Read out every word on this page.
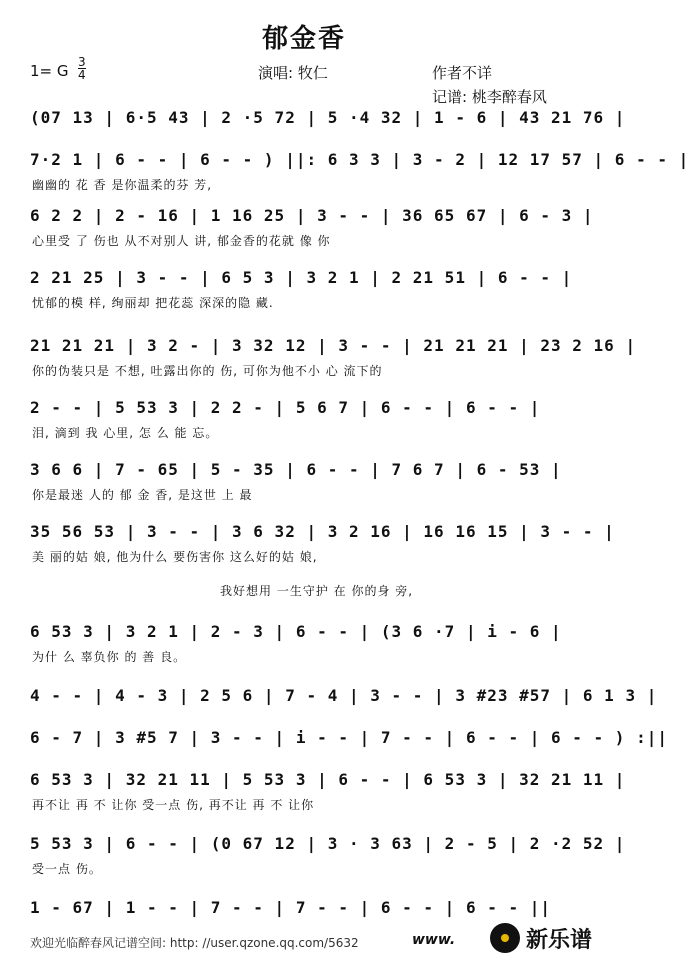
郁金香
1= G 3
4	演唱: 牧仁	作者不详
记谱: 桃李醉春风
(07 13 | 6·5 43 | 2 ·5 72 | 5 ·4 32 | 1 - 6 | 43 21 76 |
7·2 1 | 6 - - | 6 - - ) ||: 6 3 3 | 3 - 2 | 12 17 57 | 6 - - |
幽幽的 花 香 是你温柔的芬 芳,
6 2 2 | 2 - 16 | 1 16 25 | 3 - - | 36 65 67 | 6 - 3 |
心里受 了 伤也 从不对别人 讲, 郁金香的花就 像 你
2 21 25 | 3 - - | 6 5 3 | 3 2 1 | 2 21 51 | 6 - - |
忧郁的模 样, 绚丽却 把花蕊 深深的隐 藏.
21 21 21 | 3 2 - | 3 32 12 | 3 - - | 21 21 21 | 23 2 16 |
你的伪装只是 不想, 吐露出你的 伤, 可你为他不小 心 流下的
2 - - | 5 53 3 | 2 2 - | 5 6 7 | 6 - - | 6 - - |
泪, 滴到 我 心里, 怎 么 能 忘。
3 6 6 | 7 - 65 | 5 - 35 | 6 - - | 7 6 7 | 6 - 53 |
你是最迷 人的 郁 金 香, 是这世 上 最
35 56 53 | 3 - - | 3 6 32 | 3 2 16 | 16 16 15 | 3 - - |
美 丽的姑 娘, 他为什么 要伤害你 这么好的姑 娘,
我好想用 一生守护 在 你的身 旁,
6 53 3 | 3 2 1 | 2 - 3 | 6 - - | (3 6 ·7 | i - 6 |
为什 么 辜负你 的 善 良。
4 - - | 4 - 3 | 2 5 6 | 7 - 4 | 3 - - | 3 #23 #57 | 6 1 3 |
6 - 7 | 3 #5 7 | 3 - - | i - - | 7 - - | 6 - - | 6 - - ) :||
6 53 3 | 32 21 11 | 5 53 3 | 6 - - | 6 53 3 | 32 21 11 |
再不让 再 不 让你 受一点 伤, 再不让 再 不 让你
5 53 3 | 6 - - | (0 67 12 | 3 · 3 63 | 2 - 5 | 2 ·2 52 |
受一点 伤。
1 - 67 | 1 - - | 7 - - | 7 - - | 6 - - | 6 - - ||
欢迎光临醉春风记谱空间: http: //user.qzone.qq.com/5632	www.	新乐谱
